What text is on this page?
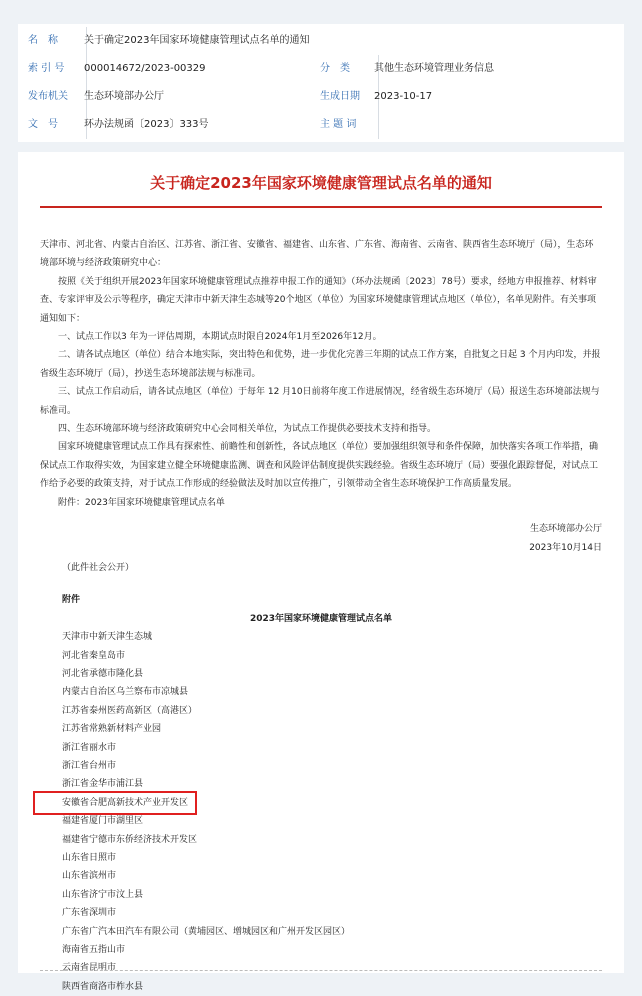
名　称	关于确定2023年国家环境健康管理试点名单的通知
索 引 号	000014672/2023-00329	分　类	其他生态环境管理业务信息
发布机关	生态环境部办公厅	生成日期	2023-10-17
文　号	环办法规函〔2023〕333号	主 题 词
关于确定2023年国家环境健康管理试点名单的通知

天津市、河北省、内蒙古自治区、江苏省、浙江省、安徽省、福建省、山东省、广东省、海南省、云南省、陕西省生态环境厅（局），生态环境部环境与经济政策研究中心：

按照《关于组织开展2023年国家环境健康管理试点推荐申报工作的通知》（环办法规函〔2023〕78号）要求，经地方申报推荐、材料审查、专家评审及公示等程序，确定天津市中新天津生态城等20个地区（单位）为国家环境健康管理试点地区（单位），名单见附件。有关事项通知如下：

一、试点工作以3 年为一评估周期，本期试点时限自2024年1月至2026年12月。

二、请各试点地区（单位）结合本地实际，突出特色和优势，进一步优化完善三年期的试点工作方案，自批复之日起 3 个月内印发，并报省级生态环境厅（局），抄送生态环境部法规与标准司。

三、试点工作启动后，请各试点地区（单位）于每年 12 月10日前将年度工作进展情况，经省级生态环境厅（局）报送生态环境部法规与标准司。

四、生态环境部环境与经济政策研究中心会同相关单位，为试点工作提供必要技术支持和指导。

国家环境健康管理试点工作具有探索性、前瞻性和创新性，各试点地区（单位）要加强组织领导和条件保障，加快落实各项工作举措，确保试点工作取得实效，为国家建立健全环境健康监测、调查和风险评估制度提供实践经验。省级生态环境厅（局）要强化跟踪督促，对试点工作给予必要的政策支持，对于试点工作形成的经验做法及时加以宣传推广，引领带动全省生态环境保护工作高质量发展。

附件：2023年国家环境健康管理试点名单

生态环境部办公厅

2023年10月14日

（此件社会公开）

附件

2023年国家环境健康管理试点名单

天津市中新天津生态城
河北省秦皇岛市
河北省承德市隆化县
内蒙古自治区乌兰察布市凉城县
江苏省泰州医药高新区（高港区）
江苏省常熟新材料产业园
浙江省丽水市
浙江省台州市
浙江省金华市浦江县
安徽省合肥高新技术产业开发区
福建省厦门市湖里区
福建省宁德市东侨经济技术开发区
山东省日照市
山东省滨州市
山东省济宁市汶上县
广东省深圳市
广东省广汽本田汽车有限公司（黄埔园区、增城园区和广州开发区园区）
海南省五指山市
云南省昆明市
陕西省商洛市柞水县
